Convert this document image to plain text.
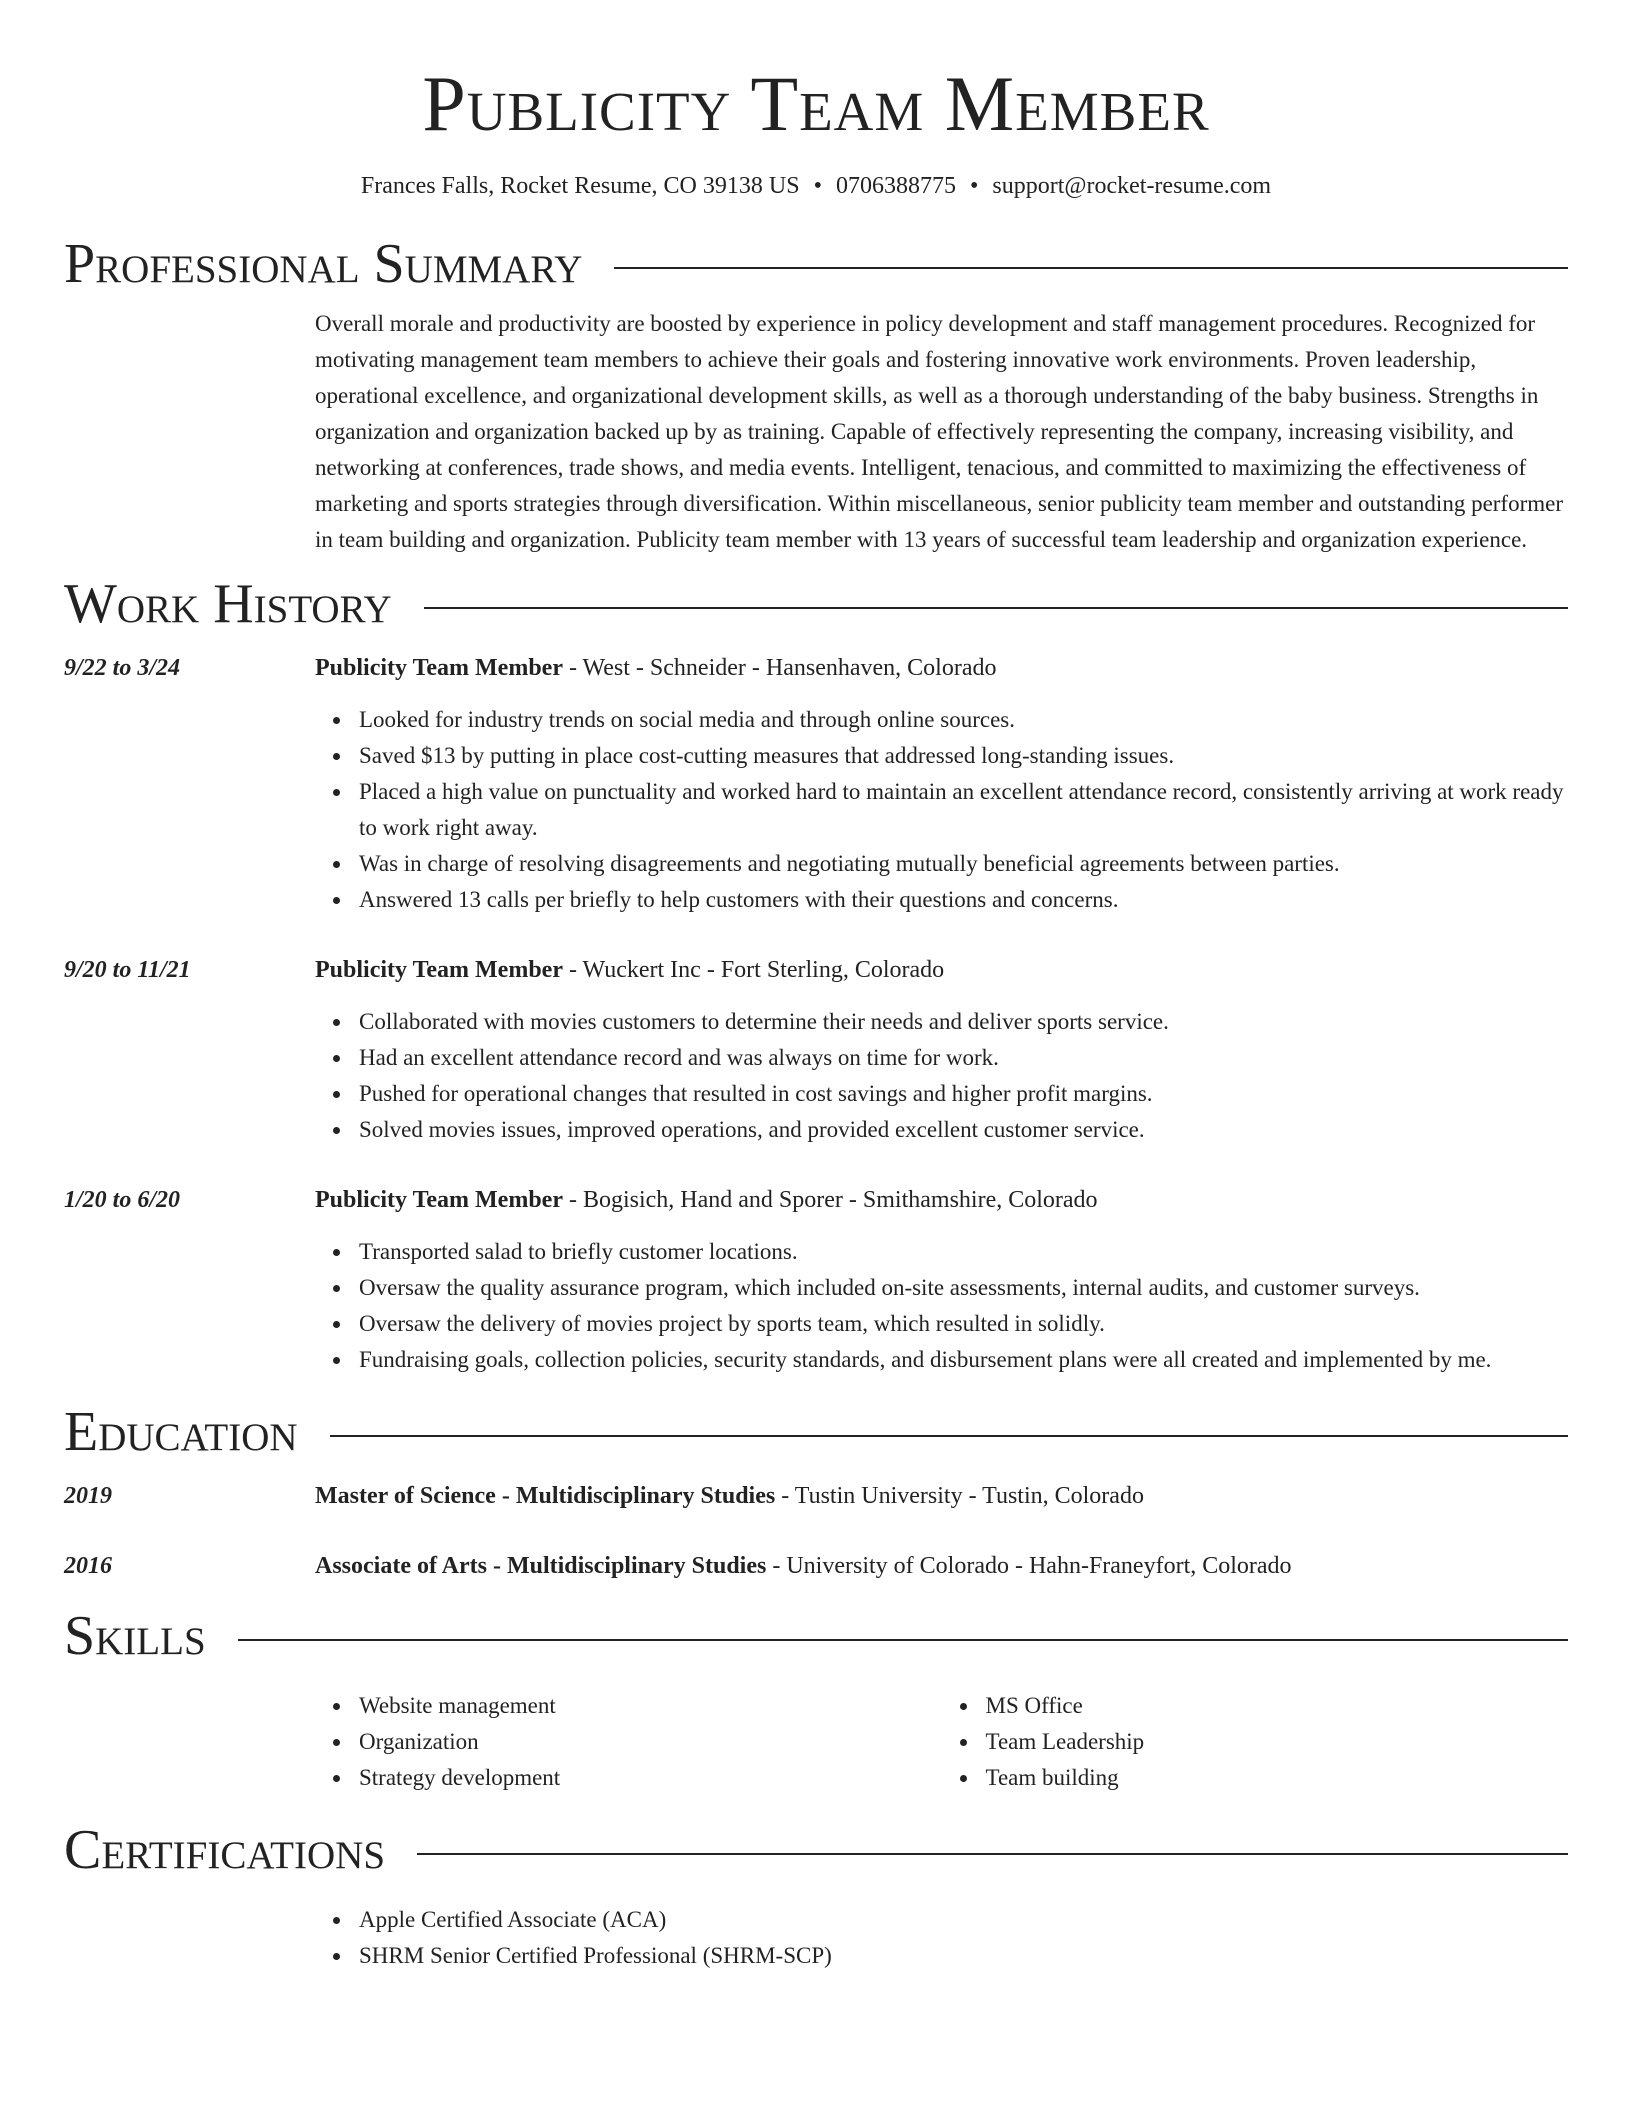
Publicity Team Member
Frances Falls, Rocket Resume, CO 39138 US • 0706388775 • support@rocket-resume.com
Professional Summary
Overall morale and productivity are boosted by experience in policy development and staff management procedures. Recognized for motivating management team members to achieve their goals and fostering innovative work environments. Proven leadership, operational excellence, and organizational development skills, as well as a thorough understanding of the baby business. Strengths in organization and organization backed up by as training. Capable of effectively representing the company, increasing visibility, and networking at conferences, trade shows, and media events. Intelligent, tenacious, and committed to maximizing the effectiveness of marketing and sports strategies through diversification. Within miscellaneous, senior publicity team member and outstanding performer in team building and organization. Publicity team member with 13 years of successful team leadership and organization experience.
Work History
9/22 to 3/24	Publicity Team Member - West - Schneider - Hansenhaven, Colorado
Looked for industry trends on social media and through online sources.
Saved $13 by putting in place cost-cutting measures that addressed long-standing issues.
Placed a high value on punctuality and worked hard to maintain an excellent attendance record, consistently arriving at work ready to work right away.
Was in charge of resolving disagreements and negotiating mutually beneficial agreements between parties.
Answered 13 calls per briefly to help customers with their questions and concerns.
9/20 to 11/21	Publicity Team Member - Wuckert Inc - Fort Sterling, Colorado
Collaborated with movies customers to determine their needs and deliver sports service.
Had an excellent attendance record and was always on time for work.
Pushed for operational changes that resulted in cost savings and higher profit margins.
Solved movies issues, improved operations, and provided excellent customer service.
1/20 to 6/20	Publicity Team Member - Bogisich, Hand and Sporer - Smithamshire, Colorado
Transported salad to briefly customer locations.
Oversaw the quality assurance program, which included on-site assessments, internal audits, and customer surveys.
Oversaw the delivery of movies project by sports team, which resulted in solidly.
Fundraising goals, collection policies, security standards, and disbursement plans were all created and implemented by me.
Education
2019	Master of Science - Multidisciplinary Studies - Tustin University - Tustin, Colorado
2016	Associate of Arts - Multidisciplinary Studies - University of Colorado - Hahn-Franeyfort, Colorado
Skills
Website management
Organization
Strategy development
MS Office
Team Leadership
Team building
Certifications
Apple Certified Associate (ACA)
SHRM Senior Certified Professional (SHRM-SCP)
